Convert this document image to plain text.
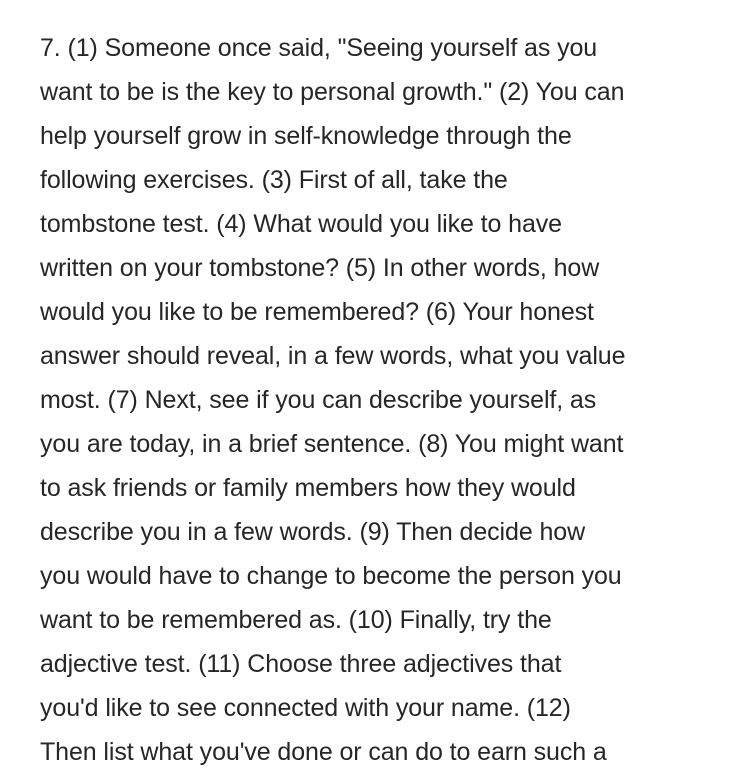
7. (1) Someone once said, "Seeing yourself as you
want to be is the key to personal growth." (2) You can
help yourself grow in self-knowledge through the
following exercises. (3) First of all, take the
tombstone test. (4) What would you like to have
written on your tombstone? (5) In other words, how
would you like to be remembered? (6) Your honest
answer should reveal, in a few words, what you value
most. (7) Next, see if you can describe yourself, as
you are today, in a brief sentence. (8) You might want
to ask friends or family members how they would
describe you in a few words. (9) Then decide how
you would have to change to become the person you
want to be remembered as. (10) Finally, try the
adjective test. (11) Choose three adjectives that
you'd like to see connected with your name. (12)
Then list what you've done or can do to earn such a
